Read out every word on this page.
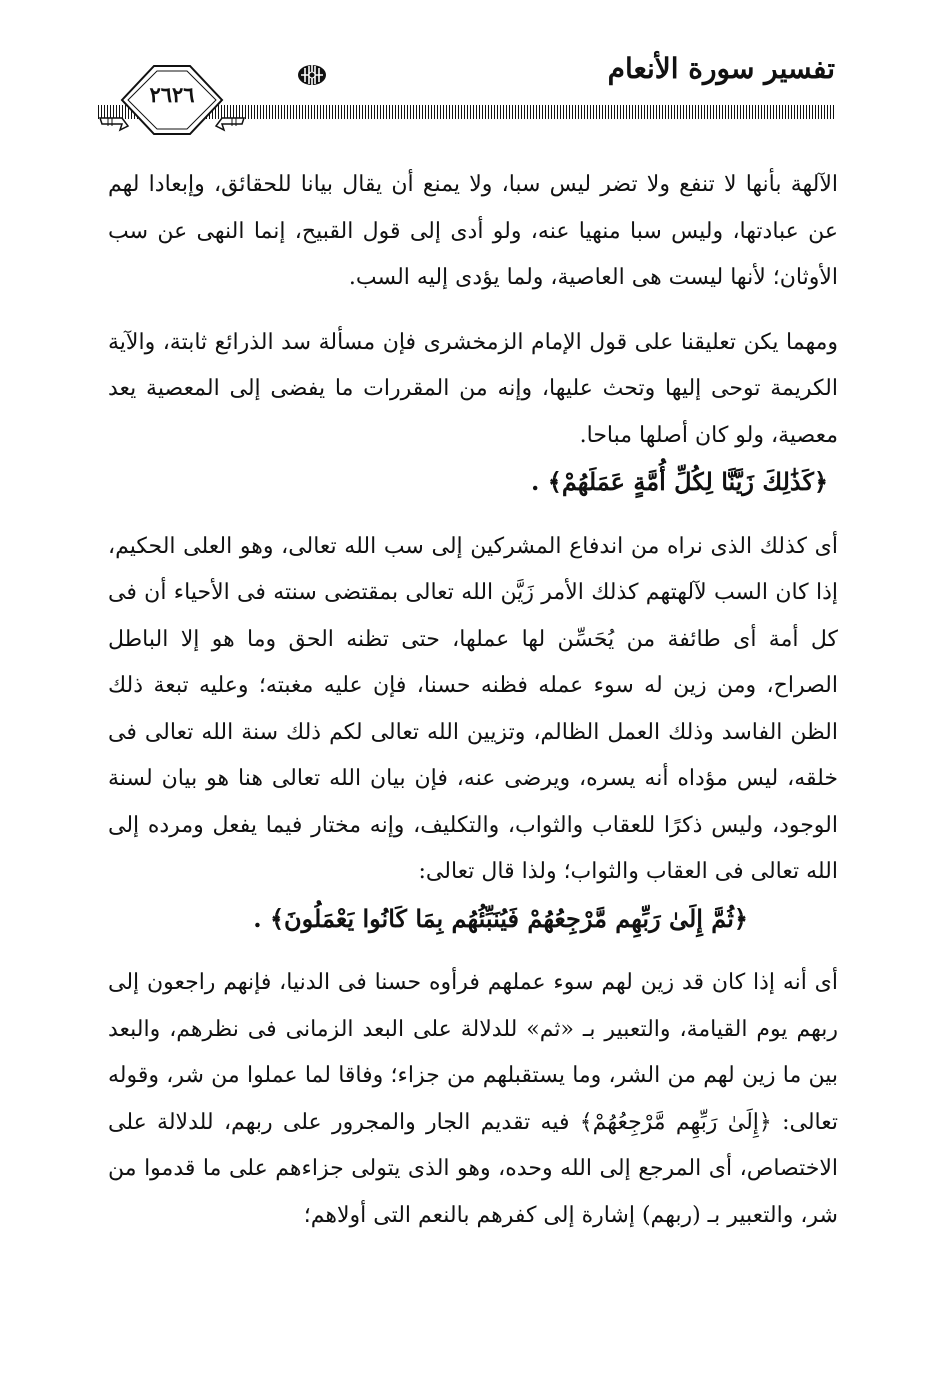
تفسير سورة الأنعام
٢٦٢٦

الآلهة بأنها لا تنفع ولا تضر ليس سبا، ولا يمنع أن يقال بيانا للحقائق، وإبعادا لهم عن عبادتها، وليس سبا منهيا عنه، ولو أدى إلى قول القبيح، إنما النهى عن سب الأوثان؛ لأنها ليست هى العاصية، ولما يؤدى إليه السب.

ومهما يكن تعليقنا على قول الإمام الزمخشرى فإن مسألة سد الذرائع ثابتة، والآية الكريمة توحى إليها وتحث عليها، وإنه من المقررات ما يفضى إلى المعصية يعد معصية، ولو كان أصلها مباحا.

﴿كَذَٰلِكَ زَيَّنَّا لِكُلِّ أُمَّةٍ عَمَلَهُمْ﴾ .

أى كذلك الذى نراه من اندفاع المشركين إلى سب الله تعالى، وهو العلى الحكيم، إذا كان السب لآلهتهم كذلك الأمر زَيَّن الله تعالى بمقتضى سنته فى الأحياء أن فى كل أمة أى طائفة من يُحَسِّن لها عملها، حتى تظنه الحق وما هو إلا الباطل الصراح، ومن زين له سوء عمله فظنه حسنا، فإن عليه مغبته؛ وعليه تبعة ذلك الظن الفاسد وذلك العمل الظالم، وتزيين الله تعالى لكم ذلك سنة الله تعالى فى خلقه، ليس مؤداه أنه يسره، ويرضى عنه، فإن بيان الله تعالى هنا هو بيان لسنة الوجود، وليس ذكرًا للعقاب والثواب، والتكليف، وإنه مختار فيما يفعل ومرده إلى الله تعالى فى العقاب والثواب؛ ولذا قال تعالى:

﴿ثُمَّ إِلَىٰ رَبِّهِم مَّرْجِعُهُمْ فَيُنَبِّئُهُم بِمَا كَانُوا يَعْمَلُونَ﴾ .

أى أنه إذا كان قد زين لهم سوء عملهم فرأوه حسنا فى الدنيا، فإنهم راجعون إلى ربهم يوم القيامة، والتعبير بـ «ثم» للدلالة على البعد الزمانى فى نظرهم، والبعد بين ما زين لهم من الشر، وما يستقبلهم من جزاء؛ وفاقا لما عملوا من شر، وقوله تعالى: ﴿إِلَىٰ رَبِّهِم مَّرْجِعُهُمْ﴾ فيه تقديم الجار والمجرور على ربهم، للدلالة على الاختصاص، أى المرجع إلى الله وحده، وهو الذى يتولى جزاءهم على ما قدموا من شر، والتعبير بـ (ربهم) إشارة إلى كفرهم بالنعم التى أولاهم؛
